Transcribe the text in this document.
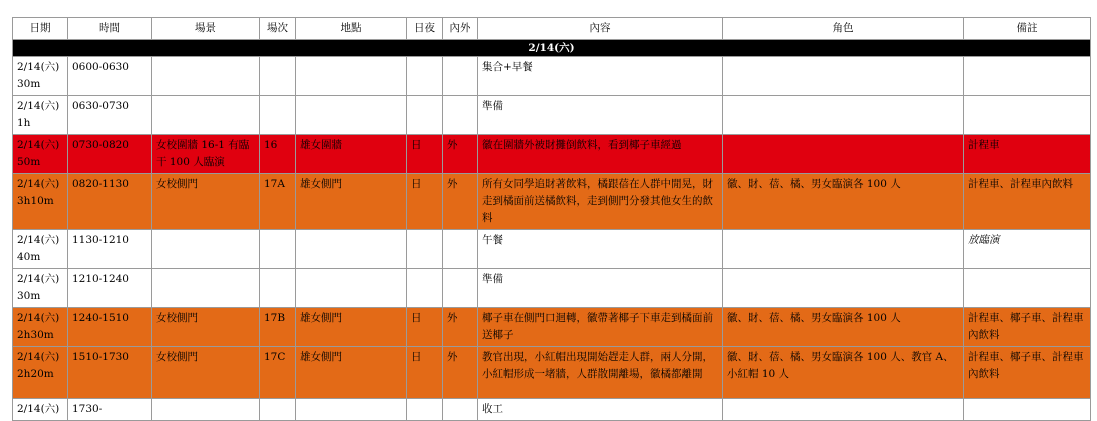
日期	時間	場景	場次	地點	日夜	內外	內容	角色	備註
2/14(六)									

2/14(六)
30m	0600-0630						集合+早餐		

2/14(六)
1h	0630-0730						準備		

2/14(六)
50m	0730-0820	女校圍牆 16-1 有臨干 100 人臨演	16	雄女圍牆	日	外	徽在圍牆外被財攤倒飲料，看到椰子車經過		計程車

2/14(六)
3h10m	0820-1130	女校側門	17A	雄女側門	日	外	所有女同學追財著飲料，橘跟蓓在人群中閒晃，財走到橘面前送橘飲料，走到側門分發其他女生的飲料	徽、財、蓓、橘、男女臨演各 100 人	計程車、計程車內飲料

2/14(六)
40m	1130-1210						午餐		放臨演

2/14(六)
30m	1210-1240						準備		

2/14(六)
2h30m	1240-1510	女校側門	17B	雄女側門	日	外	椰子車在側門口迴轉，徽帶著椰子下車走到橘面前送椰子	徽、財、蓓、橘、男女臨演各 100 人	計程車、椰子車、計程車內飲料

2/14(六)
2h20m	1510-1730	女校側門	17C	雄女側門	日	外	教官出現，小紅帽出現開始趕走人群，兩人分開，小紅帽形成一堵牆，人群散開離場，徽橘都離開	徽、財、蓓、橘、男女臨演各 100 人、教官 A、小紅帽 10 人	計程車、椰子車、計程車內飲料

2/14(六)	1730-						收工		
